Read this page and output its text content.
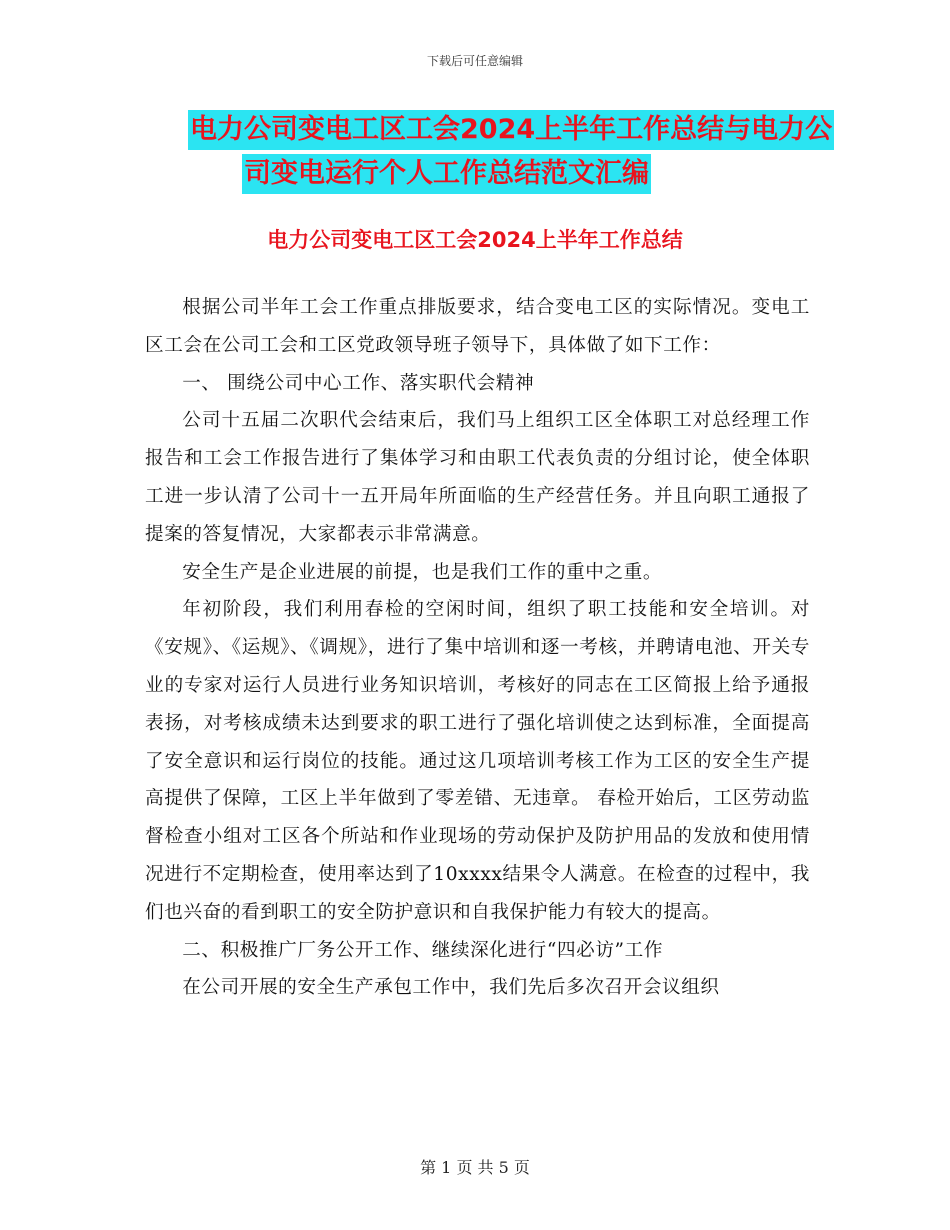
下载后可任意编辑
电力公司变电工区工会2024上半年工作总结与电力公
司变电运行个人工作总结范文汇编
电力公司变电工区工会2024上半年工作总结

根据公司半年工会工作重点排版要求，结合变电工区的实际情况。变电工区工会在公司工会和工区党政领导班子领导下，具体做了如下工作：

一、 围绕公司中心工作、落实职代会精神

公司十五届二次职代会结束后，我们马上组织工区全体职工对总经理工作报告和工会工作报告进行了集体学习和由职工代表负责的分组讨论，使全体职工进一步认清了公司十一五开局年所面临的生产经营任务。并且向职工通报了提案的答复情况，大家都表示非常满意。

安全生产是企业进展的前提，也是我们工作的重中之重。

年初阶段，我们利用春检的空闲时间，组织了职工技能和安全培训。对《安规》、《运规》、《调规》，进行了集中培训和逐一考核，并聘请电池、开关专业的专家对运行人员进行业务知识培训，考核好的同志在工区简报上给予通报表扬，对考核成绩未达到要求的职工进行了强化培训使之达到标准，全面提高了安全意识和运行岗位的技能。通过这几项培训考核工作为工区的安全生产提高提供了保障，工区上半年做到了零差错、无违章。 春检开始后，工区劳动监督检查小组对工区各个所站和作业现场的劳动保护及防护用品的发放和使用情况进行不定期检查，使用率达到了10xxxx结果令人满意。在检查的过程中，我们也兴奋的看到职工的安全防护意识和自我保护能力有较大的提高。

二、积极推广厂务公开工作、继续深化进行“四必访”工作

在公司开展的安全生产承包工作中，我们先后多次召开会议组织

第 1 页 共 5 页
